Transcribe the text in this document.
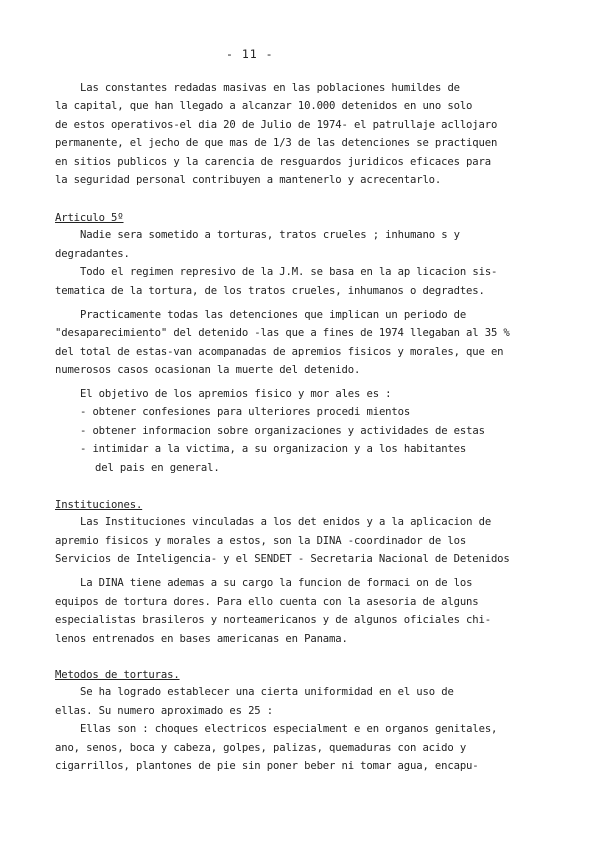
- 11 -
Las constantes redadas masivas en las poblaciones humildes de
la capital, que han llegado a alcanzar 10.000 detenidos en uno solo
de estos operativos-el dia 20 de Julio de 1974- el patrullaje acllojaro
permanente, el jecho de que mas de 1/3 de las detenciones se practiquen
en sitios publicos y la carencia de resguardos juridicos eficaces para
la seguridad personal contribuyen a mantenerlo y acrecentarlo.
Articulo 5º
Nadie sera sometido a torturas, tratos crueles ; inhumano s y
degradantes.
Todo el regimen represivo de la J.M. se basa en la ap licacion sis-
tematica de la tortura, de los tratos crueles, inhumanos o degradtes.
Practicamente todas las detenciones que implican un periodo de
"desaparecimiento" del detenido -las que a fines de 1974 llegaban al 35 %
del total de estas-van acompanadas de apremios fisicos y morales, que en
numerosos casos ocasionan la muerte del detenido.
El objetivo de los apremios fisico y mor ales es :
- obtener confesiones para ulteriores procedi mientos
- obtener informacion sobre organizaciones y actividades de estas
- intimidar a la victima, a su organizacion y a los habitantes
del pais en general.
Instituciones.
Las Instituciones vinculadas a los det enidos y a la aplicacion de
apremio fisicos y morales a estos, son la DINA -coordinador de los
Servicios de Inteligencia- y el SENDET - Secretaria Nacional de Detenidos
La DINA tiene ademas a su cargo la funcion de formaci on de los
equipos de tortura dores. Para ello cuenta con la asesoria de alguns
especialistas brasileros y norteamericanos y de algunos oficiales chi-
lenos entrenados en bases americanas en Panama.
Metodos de torturas.
Se ha logrado establecer una cierta uniformidad en el uso de
ellas. Su numero aproximado es 25 :
Ellas son : choques electricos especialment e en organos genitales,
ano, senos, boca y cabeza, golpes, palizas, quemaduras con acido y
cigarrillos, plantones de pie sin poner beber ni tomar agua, encapu-
